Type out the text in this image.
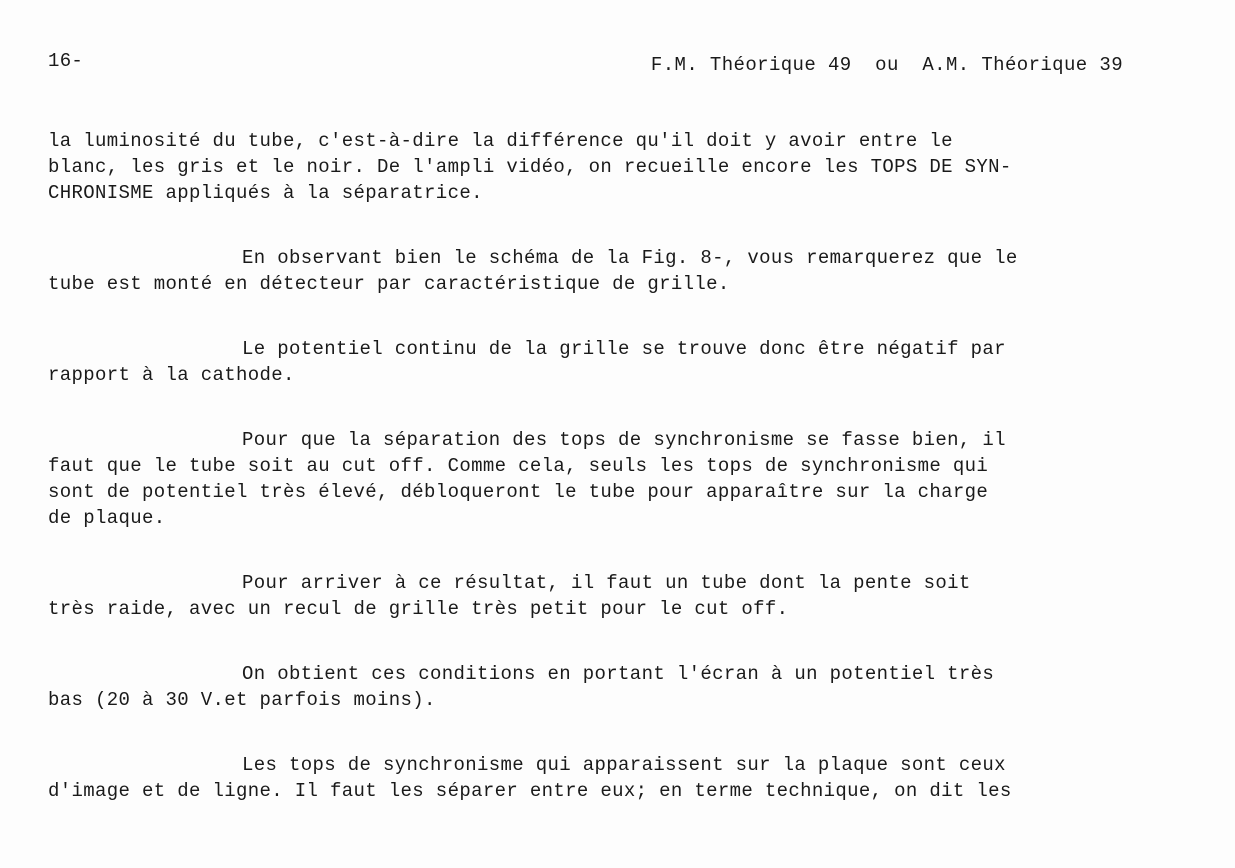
16-	F.M. Théorique 49  ou  A.M. Théorique 39

la luminosité du tube, c'est-à-dire la différence qu'il doit y avoir entre le
blanc, les gris et le noir. De l'ampli vidéo, on recueille encore les TOPS DE SYN-
CHRONISME appliqués à la séparatrice.

En observant bien le schéma de la Fig. 8-, vous remarquerez que le
tube est monté en détecteur par caractéristique de grille.

Le potentiel continu de la grille se trouve donc être négatif par
rapport à la cathode.

Pour que la séparation des tops de synchronisme se fasse bien, il
faut que le tube soit au cut off. Comme cela, seuls les tops de synchronisme qui
sont de potentiel très élevé, débloqueront le tube pour apparaître sur la charge
de plaque.

Pour arriver à ce résultat, il faut un tube dont la pente soit
très raide, avec un recul de grille très petit pour le cut off.

On obtient ces conditions en portant l'écran à un potentiel très
bas (20 à 30 V.et parfois moins).

Les tops de synchronisme qui apparaissent sur la plaque sont ceux
d'image et de ligne. Il faut les séparer entre eux; en terme technique, on dit les
